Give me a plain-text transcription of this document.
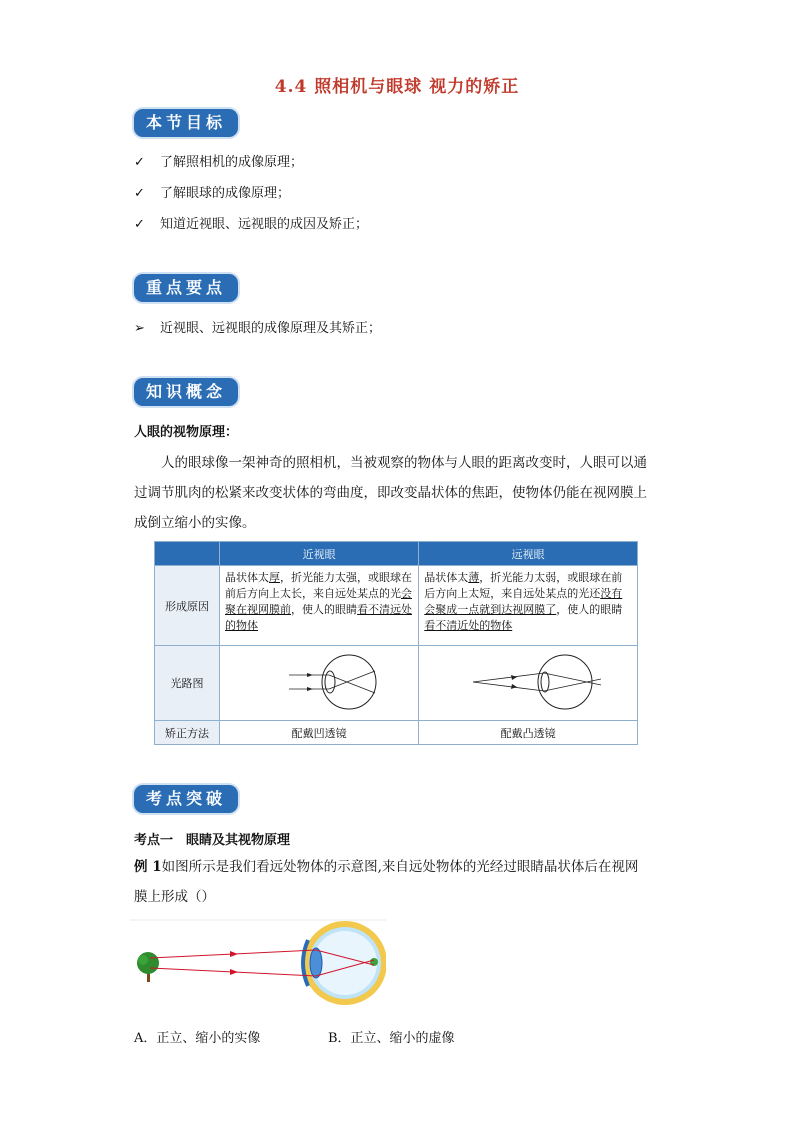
4.4 照相机与眼球 视力的矫正
本节目标
✓ 了解照相机的成像原理；
✓ 了解眼球的成像原理；
✓ 知道近视眼、远视眼的成因及矫正；
重点要点
➢ 近视眼、远视眼的成像原理及其矫正；
知识概念
人眼的视物原理：
人的眼球像一架神奇的照相机，当被观察的物体与人眼的距离改变时，人眼可以通
过调节肌肉的松紧来改变状体的弯曲度，即改变晶状体的焦距，使物体仍能在视网膜上
成倒立缩小的实像。
	近视眼	远视眼
形成原因	晶状体太厚，折光能力太强，或眼球在前后方向上太长，来自远处某点的光会聚在视网膜前，使人的眼睛看不清远处的物体	晶状体太薄，折光能力太弱，或眼球在前后方向上太短，来自远处某点的光还没有会聚成一点就到达视网膜了，使人的眼睛看不清近处的物体
光路图		
矫正方法	配戴凹透镜	配戴凸透镜
考点突破
考点一　眼睛及其视物原理
例 1如图所示是我们看远处物体的示意图,来自远处物体的光经过眼睛晶状体后在视网
膜上形成（）
A．正立、缩小的实像	B．正立、缩小的虚像
